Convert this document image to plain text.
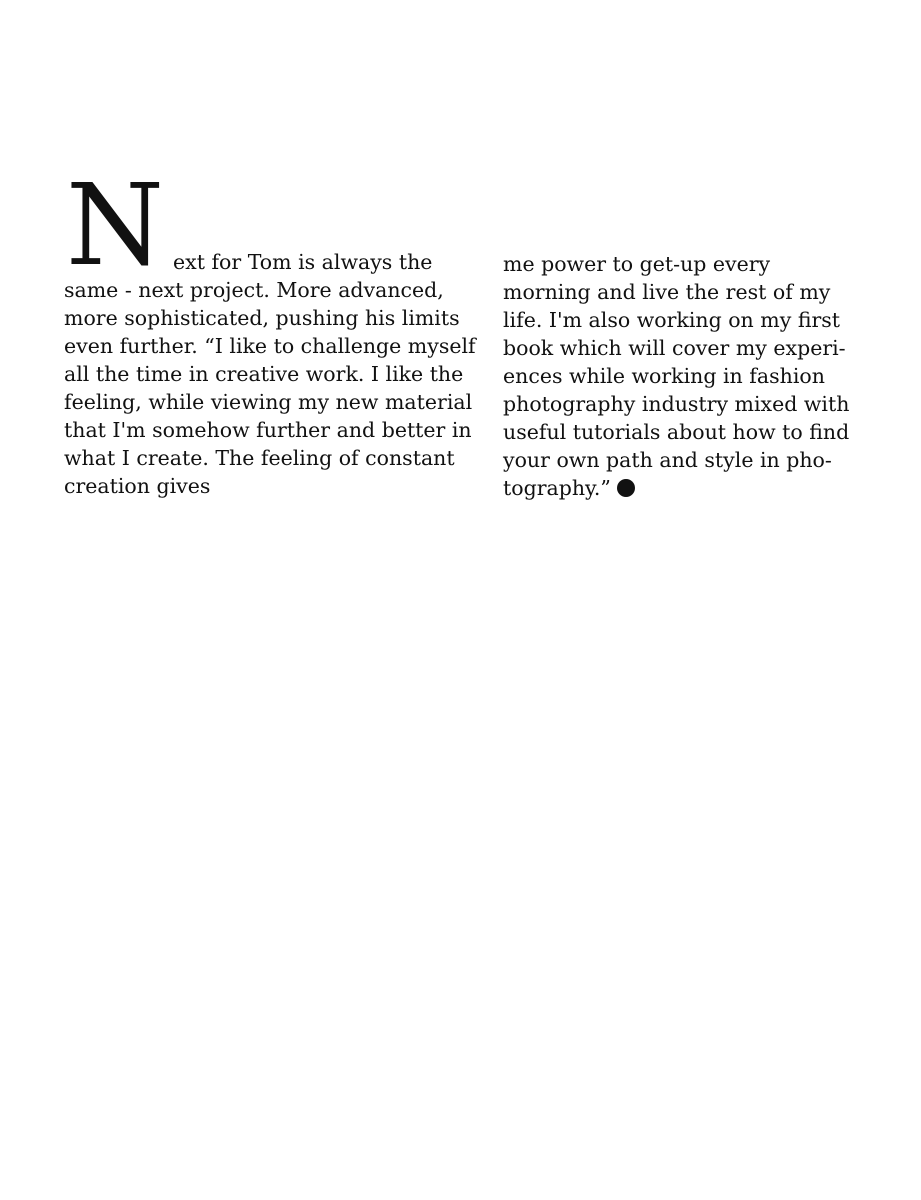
N ext for Tom is always the
same - next project. More advanced,
more sophisticated, pushing his limits
even further. “I like to challenge myself
all the time in creative work. I like the
feeling, while viewing my new material
that I'm somehow further and better in
what I create. The feeling of constant
creation gives
me power to get-up every
morning and live the rest of my
life. I'm also working on my first
book which will cover my experi-
ences while working in fashion
photography industry mixed with
useful tutorials about how to find
your own path and style in pho-
tography.”
